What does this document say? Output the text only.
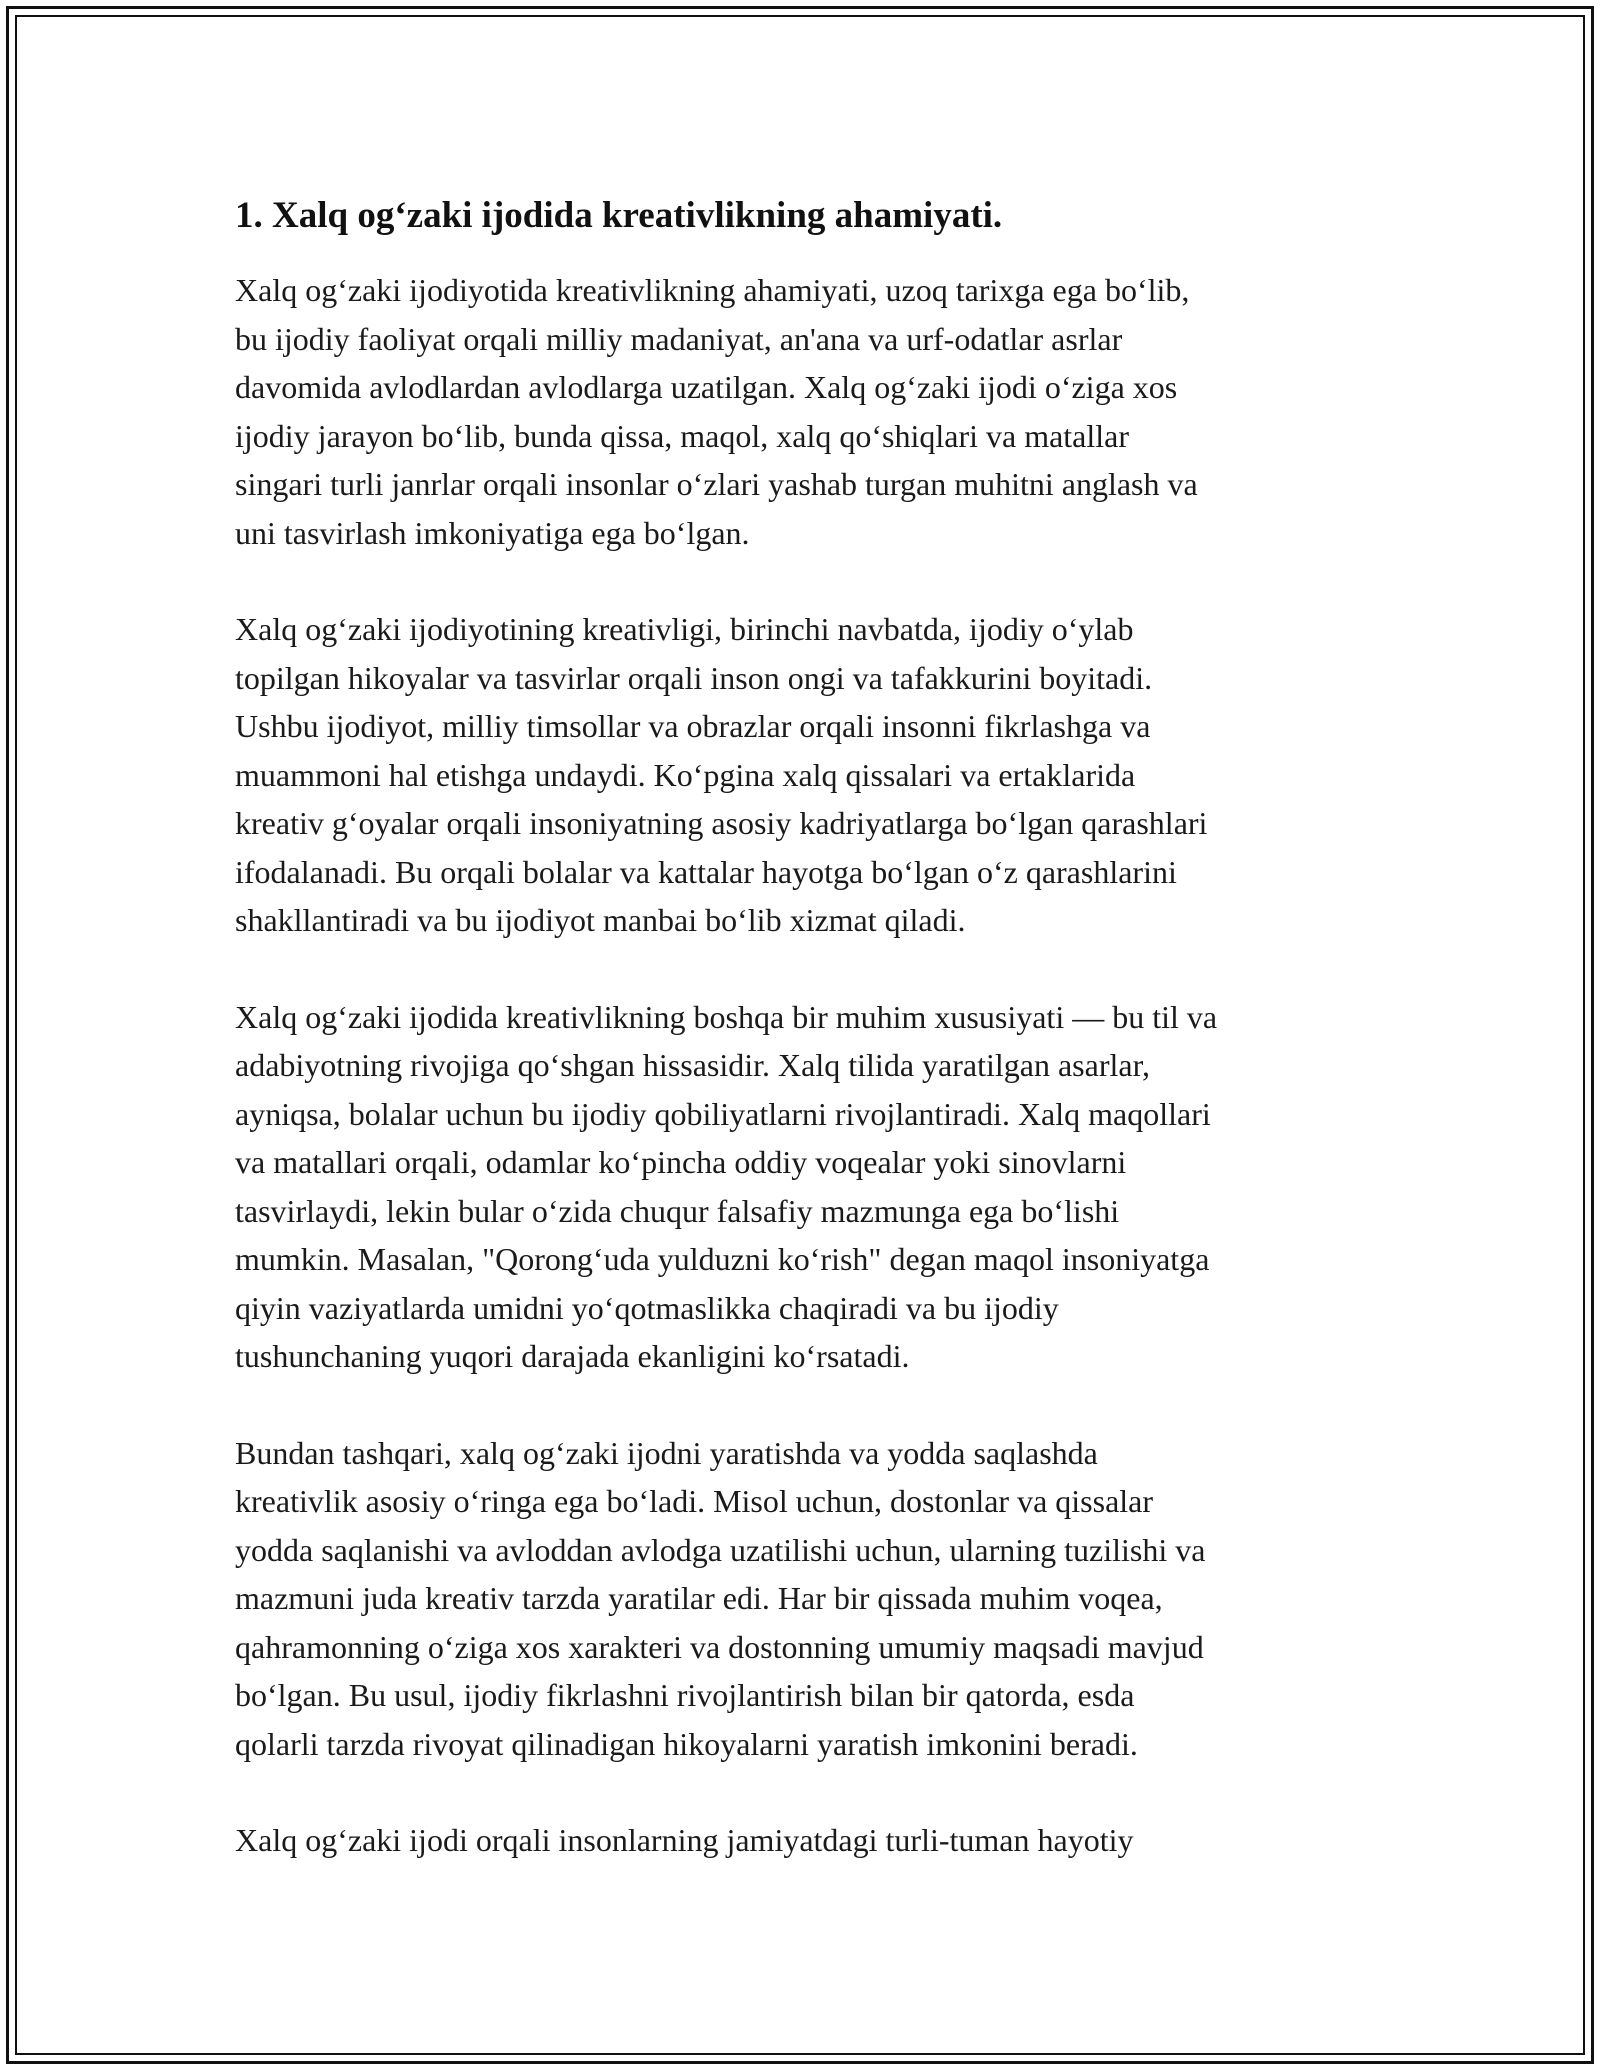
1. Xalq og‘zaki ijodida kreativlikning ahamiyati.

Xalq og‘zaki ijodiyotida kreativlikning ahamiyati, uzoq tarixga ega bo‘lib,
bu ijodiy faoliyat orqali milliy madaniyat, an'ana va urf-odatlar asrlar
davomida avlodlardan avlodlarga uzatilgan. Xalq og‘zaki ijodi o‘ziga xos
ijodiy jarayon bo‘lib, bunda qissa, maqol, xalq qo‘shiqlari va matallar
singari turli janrlar orqali insonlar o‘zlari yashab turgan muhitni anglash va
uni tasvirlash imkoniyatiga ega bo‘lgan.

Xalq og‘zaki ijodiyotining kreativligi, birinchi navbatda, ijodiy o‘ylab
topilgan hikoyalar va tasvirlar orqali inson ongi va tafakkurini boyitadi.
Ushbu ijodiyot, milliy timsollar va obrazlar orqali insonni fikrlashga va
muammoni hal etishga undaydi. Ko‘pgina xalq qissalari va ertaklarida
kreativ g‘oyalar orqali insoniyatning asosiy kadriyatlarga bo‘lgan qarashlari
ifodalanadi. Bu orqali bolalar va kattalar hayotga bo‘lgan o‘z qarashlarini
shakllantiradi va bu ijodiyot manbai bo‘lib xizmat qiladi.

Xalq og‘zaki ijodida kreativlikning boshqa bir muhim xususiyati — bu til va
adabiyotning rivojiga qo‘shgan hissasidir. Xalq tilida yaratilgan asarlar,
ayniqsa, bolalar uchun bu ijodiy qobiliyatlarni rivojlantiradi. Xalq maqollari
va matallari orqali, odamlar ko‘pincha oddiy voqealar yoki sinovlarni
tasvirlaydi, lekin bular o‘zida chuqur falsafiy mazmunga ega bo‘lishi
mumkin. Masalan, "Qorong‘uda yulduzni ko‘rish" degan maqol insoniyatga
qiyin vaziyatlarda umidni yo‘qotmaslikka chaqiradi va bu ijodiy
tushunchaning yuqori darajada ekanligini ko‘rsatadi.

Bundan tashqari, xalq og‘zaki ijodni yaratishda va yodda saqlashda
kreativlik asosiy o‘ringa ega bo‘ladi. Misol uchun, dostonlar va qissalar
yodda saqlanishi va avloddan avlodga uzatilishi uchun, ularning tuzilishi va
mazmuni juda kreativ tarzda yaratilar edi. Har bir qissada muhim voqea,
qahramonning o‘ziga xos xarakteri va dostonning umumiy maqsadi mavjud
bo‘lgan. Bu usul, ijodiy fikrlashni rivojlantirish bilan bir qatorda, esda
qolarli tarzda rivoyat qilinadigan hikoyalarni yaratish imkonini beradi.

Xalq og‘zaki ijodi orqali insonlarning jamiyatdagi turli-tuman hayotiy
